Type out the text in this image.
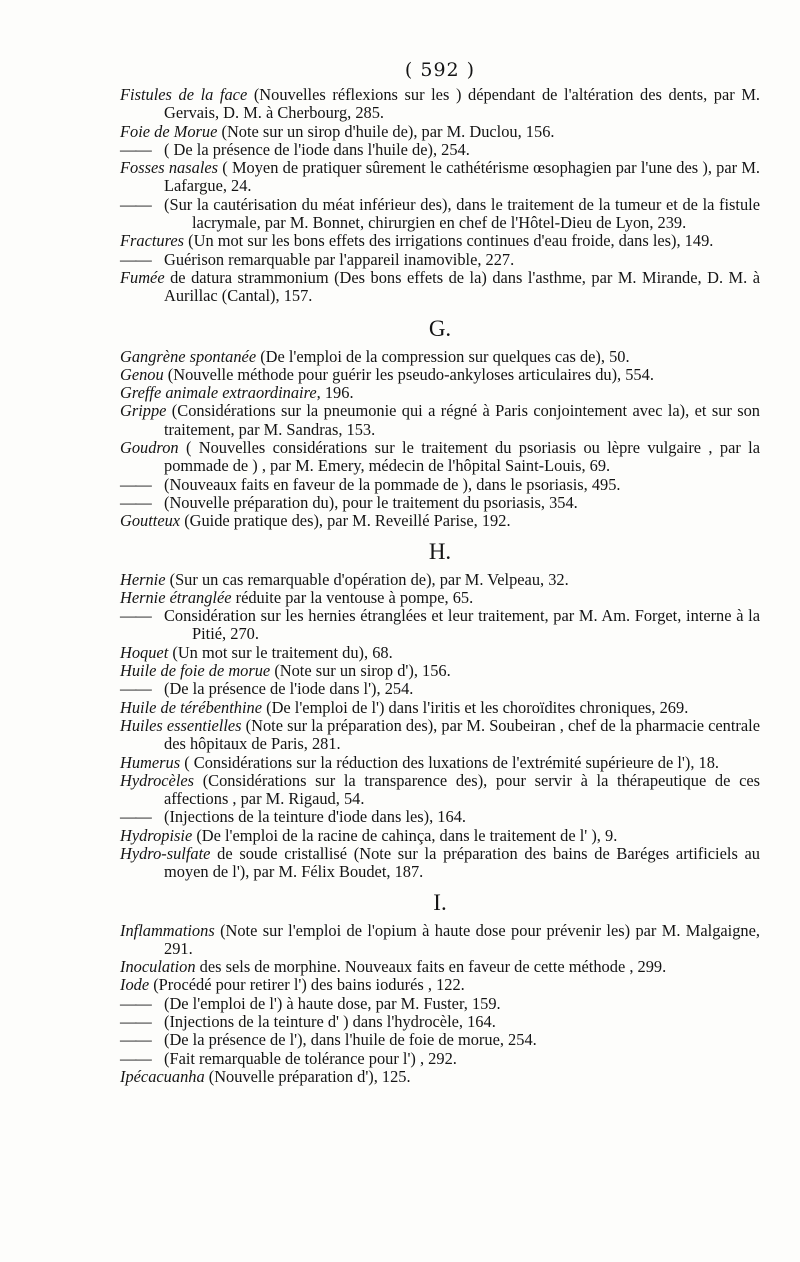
( 592 )

Fistules de la face (Nouvelles réflexions sur les ) dépendant de l'altération des dents, par M. Gervais, D. M. à Cherbourg, 285.

Foie de Morue (Note sur un sirop d'huile de), par M. Duclou, 156.

—— ( De la présence de l'iode dans l'huile de), 254.

Fosses nasales ( Moyen de pratiquer sûrement le cathétérisme œsophagien par l'une des ), par M. Lafargue, 24.

—— (Sur la cautérisation du méat inférieur des), dans le traitement de la tumeur et de la fistule lacrymale, par M. Bonnet, chirurgien en chef de l'Hôtel-Dieu de Lyon, 239.

Fractures (Un mot sur les bons effets des irrigations continues d'eau froide, dans les), 149.

—— Guérison remarquable par l'appareil inamovible, 227.

Fumée de datura strammonium (Des bons effets de la) dans l'asthme, par M. Mirande, D. M. à Aurillac (Cantal), 157.

G.

Gangrène spontanée (De l'emploi de la compression sur quelques cas de), 50.

Genou (Nouvelle méthode pour guérir les pseudo-ankyloses articulaires du), 554.

Greffe animale extraordinaire, 196.

Grippe (Considérations sur la pneumonie qui a régné à Paris conjointement avec la), et sur son traitement, par M. Sandras, 153.

Goudron ( Nouvelles considérations sur le traitement du psoriasis ou lèpre vulgaire , par la pommade de ) , par M. Emery, médecin de l'hôpital Saint-Louis, 69.

—— (Nouveaux faits en faveur de la pommade de ), dans le psoriasis, 495.

—— (Nouvelle préparation du), pour le traitement du psoriasis, 354.

Goutteux (Guide pratique des), par M. Reveillé Parise, 192.

H.

Hernie (Sur un cas remarquable d'opération de), par M. Velpeau, 32.

Hernie étranglée réduite par la ventouse à pompe, 65.

—— Considération sur les hernies étranglées et leur traitement, par M. Am. Forget, interne à la Pitié, 270.

Hoquet (Un mot sur le traitement du), 68.

Huile de foie de morue (Note sur un sirop d'), 156.

—— (De la présence de l'iode dans l'), 254.

Huile de térébenthine (De l'emploi de l') dans l'iritis et les choroïdites chroniques, 269.

Huiles essentielles (Note sur la préparation des), par M. Soubeiran , chef de la pharmacie centrale des hôpitaux de Paris, 281.

Humerus ( Considérations sur la réduction des luxations de l'extrémité supérieure de l'), 18.

Hydrocèles (Considérations sur la transparence des), pour servir à la thérapeutique de ces affections , par M. Rigaud, 54.

—— (Injections de la teinture d'iode dans les), 164.

Hydropisie (De l'emploi de la racine de cahinça, dans le traitement de l' ), 9.

Hydro-sulfate de soude cristallisé (Note sur la préparation des bains de Baréges artificiels au moyen de l'), par M. Félix Boudet, 187.

I.

Inflammations (Note sur l'emploi de l'opium à haute dose pour prévenir les) par M. Malgaigne, 291.

Inoculation des sels de morphine. Nouveaux faits en faveur de cette méthode , 299.

Iode (Procédé pour retirer l') des bains iodurés , 122.

—— (De l'emploi de l') à haute dose, par M. Fuster, 159.

—— (Injections de la teinture d' ) dans l'hydrocèle, 164.

—— (De la présence de l'), dans l'huile de foie de morue, 254.

—— (Fait remarquable de tolérance pour l') , 292.

Ipécacuanha (Nouvelle préparation d'), 125.
